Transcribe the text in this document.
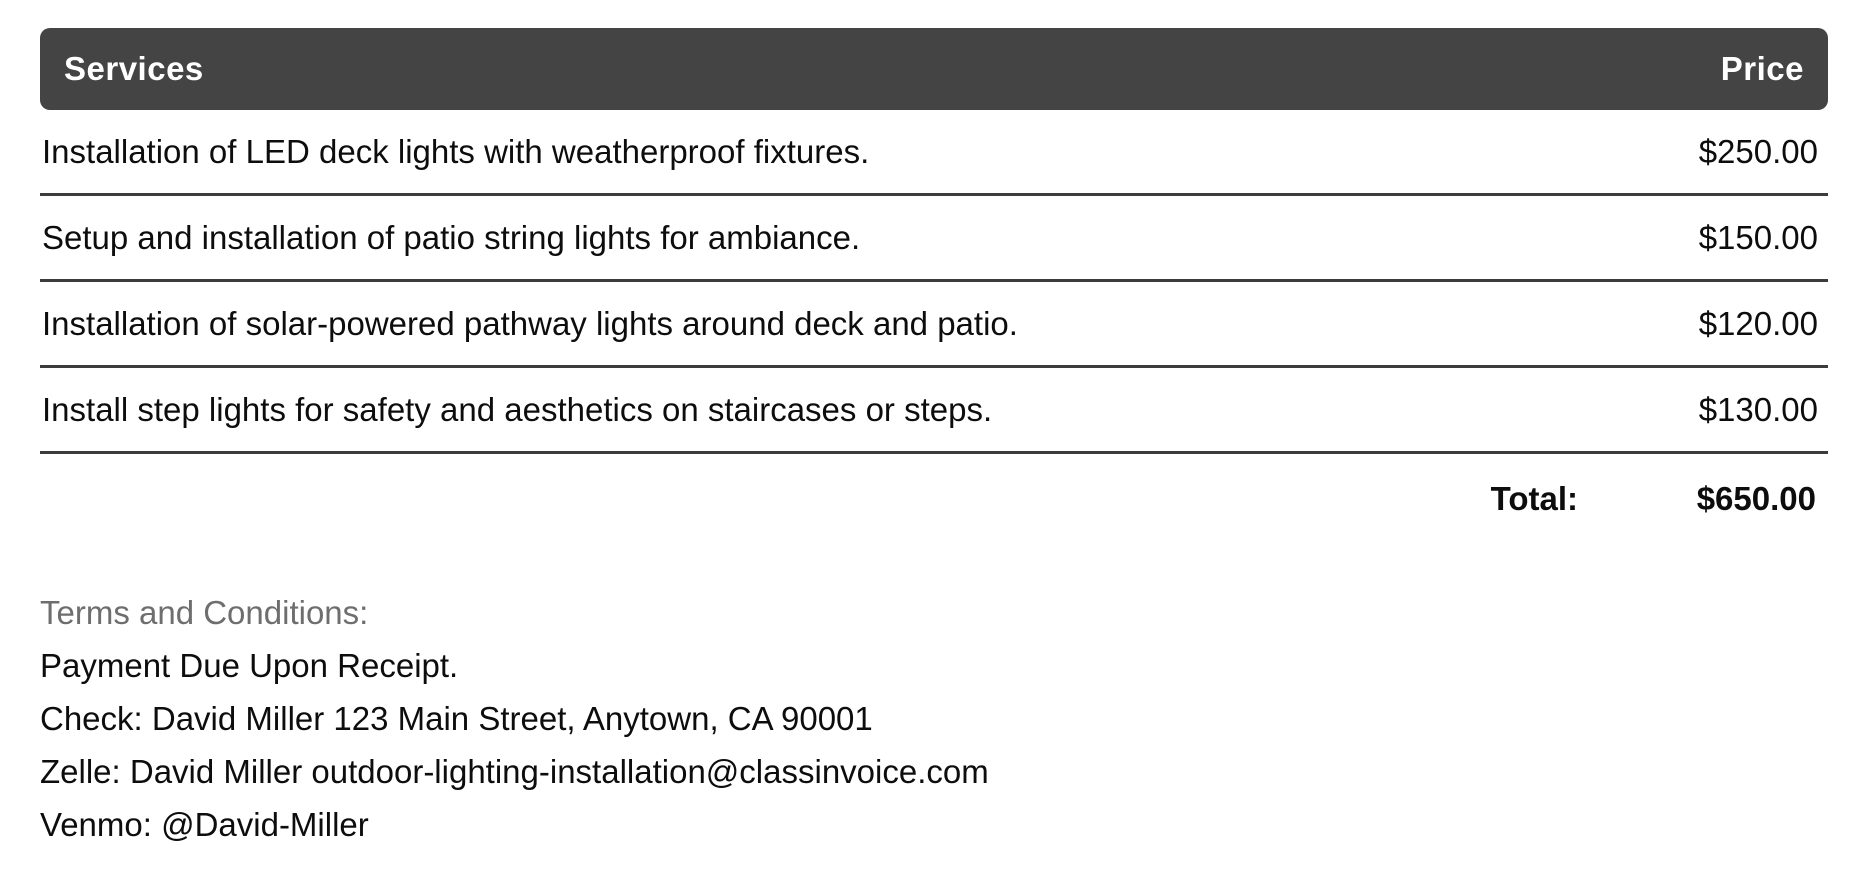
Services	Price
Installation of LED deck lights with weatherproof fixtures.	$250.00
Setup and installation of patio string lights for ambiance.	$150.00
Installation of solar-powered pathway lights around deck and patio.	$120.00
Install step lights for safety and aesthetics on staircases or steps.	$130.00
Total:	$650.00
Terms and Conditions:
Payment Due Upon Receipt.
Check: David Miller 123 Main Street, Anytown, CA 90001
Zelle: David Miller outdoor-lighting-installation@classinvoice.com
Venmo: @David-Miller
